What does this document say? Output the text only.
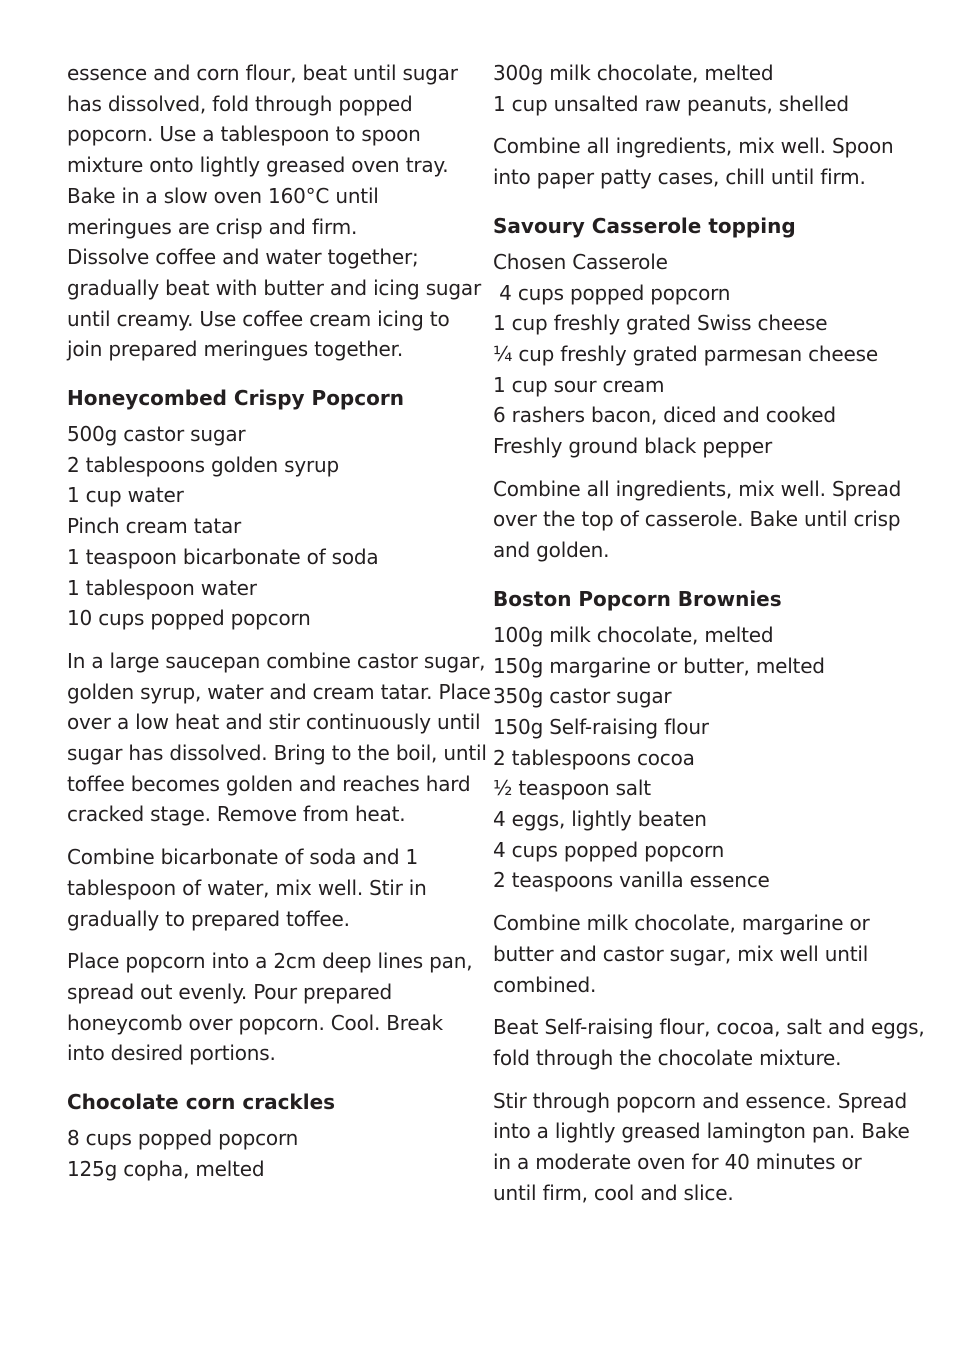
essence and corn flour, beat until sugar

has dissolved, fold through popped

popcorn. Use a tablespoon to spoon

mixture onto lightly greased oven tray.

Bake in a slow oven 160°C until

meringues are crisp and firm.

Dissolve coffee and water together;

gradually beat with butter and icing sugar

until creamy. Use coffee cream icing to

join prepared meringues together.

Honeycombed Crispy Popcorn

500g castor sugar

2 tablespoons golden syrup

1 cup water

Pinch cream tatar

1 teaspoon bicarbonate of soda

1 tablespoon water

10 cups popped popcorn

In a large saucepan combine castor sugar,

golden syrup, water and cream tatar. Place

over a low heat and stir continuously until

sugar has dissolved. Bring to the boil, until

toffee becomes golden and reaches hard

cracked stage. Remove from heat.

Combine bicarbonate of soda and 1

tablespoon of water, mix well. Stir in

gradually to prepared toffee.

Place popcorn into a 2cm deep lines pan,

spread out evenly. Pour prepared

honeycomb over popcorn. Cool. Break

into desired portions.

Chocolate corn crackles

8 cups popped popcorn

125g copha, melted

300g milk chocolate, melted

1 cup unsalted raw peanuts, shelled

Combine all ingredients, mix well. Spoon

into paper patty cases, chill until firm.

Savoury Casserole topping

Chosen Casserole

4 cups popped popcorn

1 cup freshly grated Swiss cheese

¼ cup freshly grated parmesan cheese

1 cup sour cream

6 rashers bacon, diced and cooked

Freshly ground black pepper

Combine all ingredients, mix well. Spread

over the top of casserole. Bake until crisp

and golden.

Boston Popcorn Brownies

100g milk chocolate, melted

150g margarine or butter, melted

350g castor sugar

150g Self-raising flour

2 tablespoons cocoa

½ teaspoon salt

4 eggs, lightly beaten

4 cups popped popcorn

2 teaspoons vanilla essence

Combine milk chocolate, margarine or

butter and castor sugar, mix well until

combined.

Beat Self-raising flour, cocoa, salt and eggs,

fold through the chocolate mixture.

Stir through popcorn and essence. Spread

into a lightly greased lamington pan. Bake

in a moderate oven for 40 minutes or

until firm, cool and slice.
